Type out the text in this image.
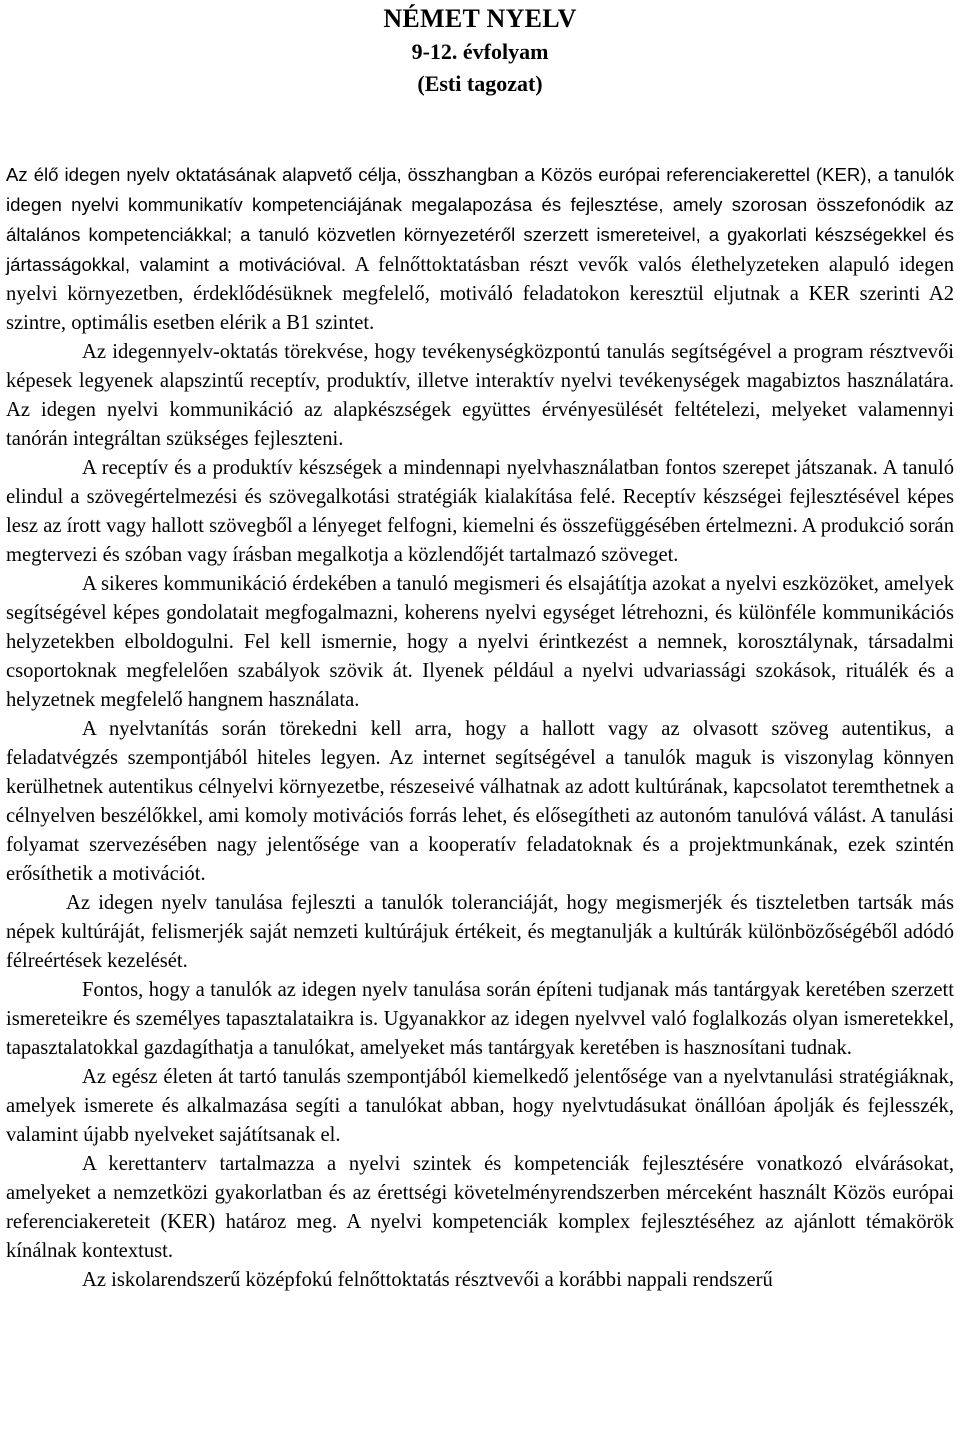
NÉMET NYELV
9-12. évfolyam
(Esti tagozat)

Az élő idegen nyelv oktatásának alapvető célja, összhangban a Közös európai referenciakerettel (KER), a tanulók idegen nyelvi kommunikatív kompetenciájának megalapozása és fejlesztése, amely szorosan összefonódik az általános kompetenciákkal; a tanuló közvetlen környezetéről szerzett ismereteivel, a gyakorlati készségekkel és jártasságokkal, valamint a motivációval. A felnőttoktatásban részt vevők valós élethelyzeteken alapuló idegen nyelvi környezetben, érdeklődésüknek megfelelő, motiváló feladatokon keresztül eljutnak a KER szerinti A2 szintre, optimális esetben elérik a B1 szintet.

Az idegennyelv-oktatás törekvése, hogy tevékenységközpontú tanulás segítségével a program résztvevői képesek legyenek alapszintű receptív, produktív, illetve interaktív nyelvi tevékenységek magabiztos használatára. Az idegen nyelvi kommunikáció az alapkészségek együttes érvényesülését feltételezi, melyeket valamennyi tanórán integráltan szükséges fejleszteni.

A receptív és a produktív készségek a mindennapi nyelvhasználatban fontos szerepet játszanak. A tanuló elindul a szövegértelmezési és szövegalkotási stratégiák kialakítása felé. Receptív készségei fejlesztésével képes lesz az írott vagy hallott szövegből a lényeget felfogni, kiemelni és összefüggésében értelmezni. A produkció során megtervezi és szóban vagy írásban megalkotja a közlendőjét tartalmazó szöveget.

A sikeres kommunikáció érdekében a tanuló megismeri és elsajátítja azokat a nyelvi eszközöket, amelyek segítségével képes gondolatait megfogalmazni, koherens nyelvi egységet létrehozni, és különféle kommunikációs helyzetekben elboldogulni. Fel kell ismernie, hogy a nyelvi érintkezést a nemnek, korosztálynak, társadalmi csoportoknak megfelelően szabályok szövik át. Ilyenek például a nyelvi udvariassági szokások, rituálék és a helyzetnek megfelelő hangnem használata.

A nyelvtanítás során törekedni kell arra, hogy a hallott vagy az olvasott szöveg autentikus, a feladatvégzés szempontjából hiteles legyen. Az internet segítségével a tanulók maguk is viszonylag könnyen kerülhetnek autentikus célnyelvi környezetbe, részeseivé válhatnak az adott kultúrának, kapcsolatot teremthetnek a célnyelven beszélőkkel, ami komoly motivációs forrás lehet, és elősegítheti az autonóm tanulóvá válást. A tanulási folyamat szervezésében nagy jelentősége van a kooperatív feladatoknak és a projektmunkának, ezek szintén erősíthetik a motivációt.

Az idegen nyelv tanulása fejleszti a tanulók toleranciáját, hogy megismerjék és tiszteletben tartsák más népek kultúráját, felismerjék saját nemzeti kultúrájuk értékeit, és megtanulják a kultúrák különbözőségéből adódó félreértések kezelését.

Fontos, hogy a tanulók az idegen nyelv tanulása során építeni tudjanak más tantárgyak keretében szerzett ismereteikre és személyes tapasztalataikra is. Ugyanakkor az idegen nyelvvel való foglalkozás olyan ismeretekkel, tapasztalatokkal gazdagíthatja a tanulókat, amelyeket más tantárgyak keretében is hasznosítani tudnak.

Az egész életen át tartó tanulás szempontjából kiemelkedő jelentősége van a nyelvtanulási stratégiáknak, amelyek ismerete és alkalmazása segíti a tanulókat abban, hogy nyelvtudásukat önállóan ápolják és fejlesszék, valamint újabb nyelveket sajátítsanak el.

A kerettanterv tartalmazza a nyelvi szintek és kompetenciák fejlesztésére vonatkozó elvárásokat, amelyeket a nemzetközi gyakorlatban és az érettségi követelményrendszerben mérceként használt Közös európai referenciakereteit (KER) határoz meg. A nyelvi kompetenciák komplex fejlesztéséhez az ajánlott témakörök kínálnak kontextust.

Az iskolarendszerű középfokú felnőttoktatás résztvevői a korábbi nappali rendszerű
